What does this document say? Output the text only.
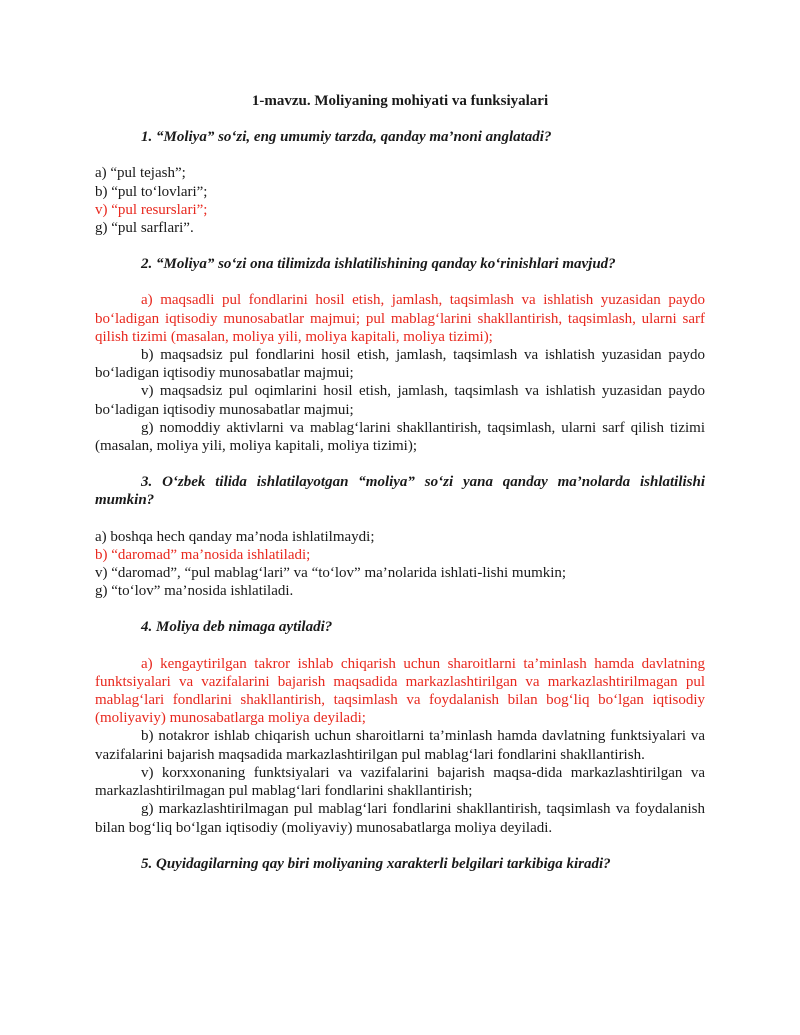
1-mavzu. Moliyaning mohiyati va funksiyalari
1. “Moliya” so‘zi, eng umumiy tarzda, qanday ma’noni anglatadi?
a) “pul tejash”;
b) “pul to‘lovlari”;
v) “pul resurslari”;
g) “pul sarflari”.
2. “Moliya” so‘zi ona tilimizda ishlatilishining qanday ko‘rinishlari mavjud?
a) maqsadli pul fondlarini hosil etish, jamlash, taqsimlash va ishlatish yuzasidan paydo bo‘ladigan iqtisodiy munosabatlar majmui; pul mablag‘larini shakllantirish, taqsimlash, ularni sarf qilish tizimi (masalan, moliya yili, moliya kapitali, moliya tizimi);
b) maqsadsiz pul fondlarini hosil etish, jamlash, taqsimlash va ishlatish yuzasidan paydo bo‘ladigan iqtisodiy munosabatlar majmui;
v) maqsadsiz pul oqimlarini hosil etish, jamlash, taqsimlash va ishlatish yuzasidan paydo bo‘ladigan iqtisodiy munosabatlar majmui;
g) nomoddiy aktivlarni va mablag‘larini shakllantirish, taqsimlash, ularni sarf qilish tizimi (masalan, moliya yili, moliya kapitali, moliya tizimi);
3. O‘zbek tilida ishlatilayotgan “moliya” so‘zi yana qanday ma’nolarda ishlatilishi mumkin?
a) boshqa hech qanday ma’noda ishlatilmaydi;
b) “daromad” ma’nosida ishlatiladi;
v) “daromad”, “pul mablag‘lari” va “to‘lov” ma’nolarida ishlati-lishi mumkin;
g) “to‘lov” ma’nosida ishlatiladi.
4. Moliya deb nimaga aytiladi?
a) kengaytirilgan takror ishlab chiqarish uchun sharoitlarni ta’minlash hamda davlatning funktsiyalari va vazifalarini bajarish maqsadida markazlashtirilgan va markazlashtirilmagan pul mablag‘lari fondlarini shakllantirish, taqsimlash va foydalanish bilan bog‘liq bo‘lgan iqtisodiy (moliyaviy) munosabatlarga moliya deyiladi;
b) notakror ishlab chiqarish uchun sharoitlarni ta’minlash hamda davlatning funktsiyalari va vazifalarini bajarish maqsadida markazlashtirilgan pul mablag‘lari fondlarini shakllantirish.
v) korxxonaning funktsiyalari va vazifalarini bajarish maqsa-dida markazlashtirilgan va markazlashtirilmagan pul mablag‘lari fondlarini shakllantirish;
g) markazlashtirilmagan pul mablag‘lari fondlarini shakllantirish, taqsimlash va foydalanish bilan bog‘liq bo‘lgan iqtisodiy (moliyaviy) munosabatlarga moliya deyiladi.
5. Quyidagilarning qay biri moliyaning xarakterli belgilari tarkibiga kiradi?
